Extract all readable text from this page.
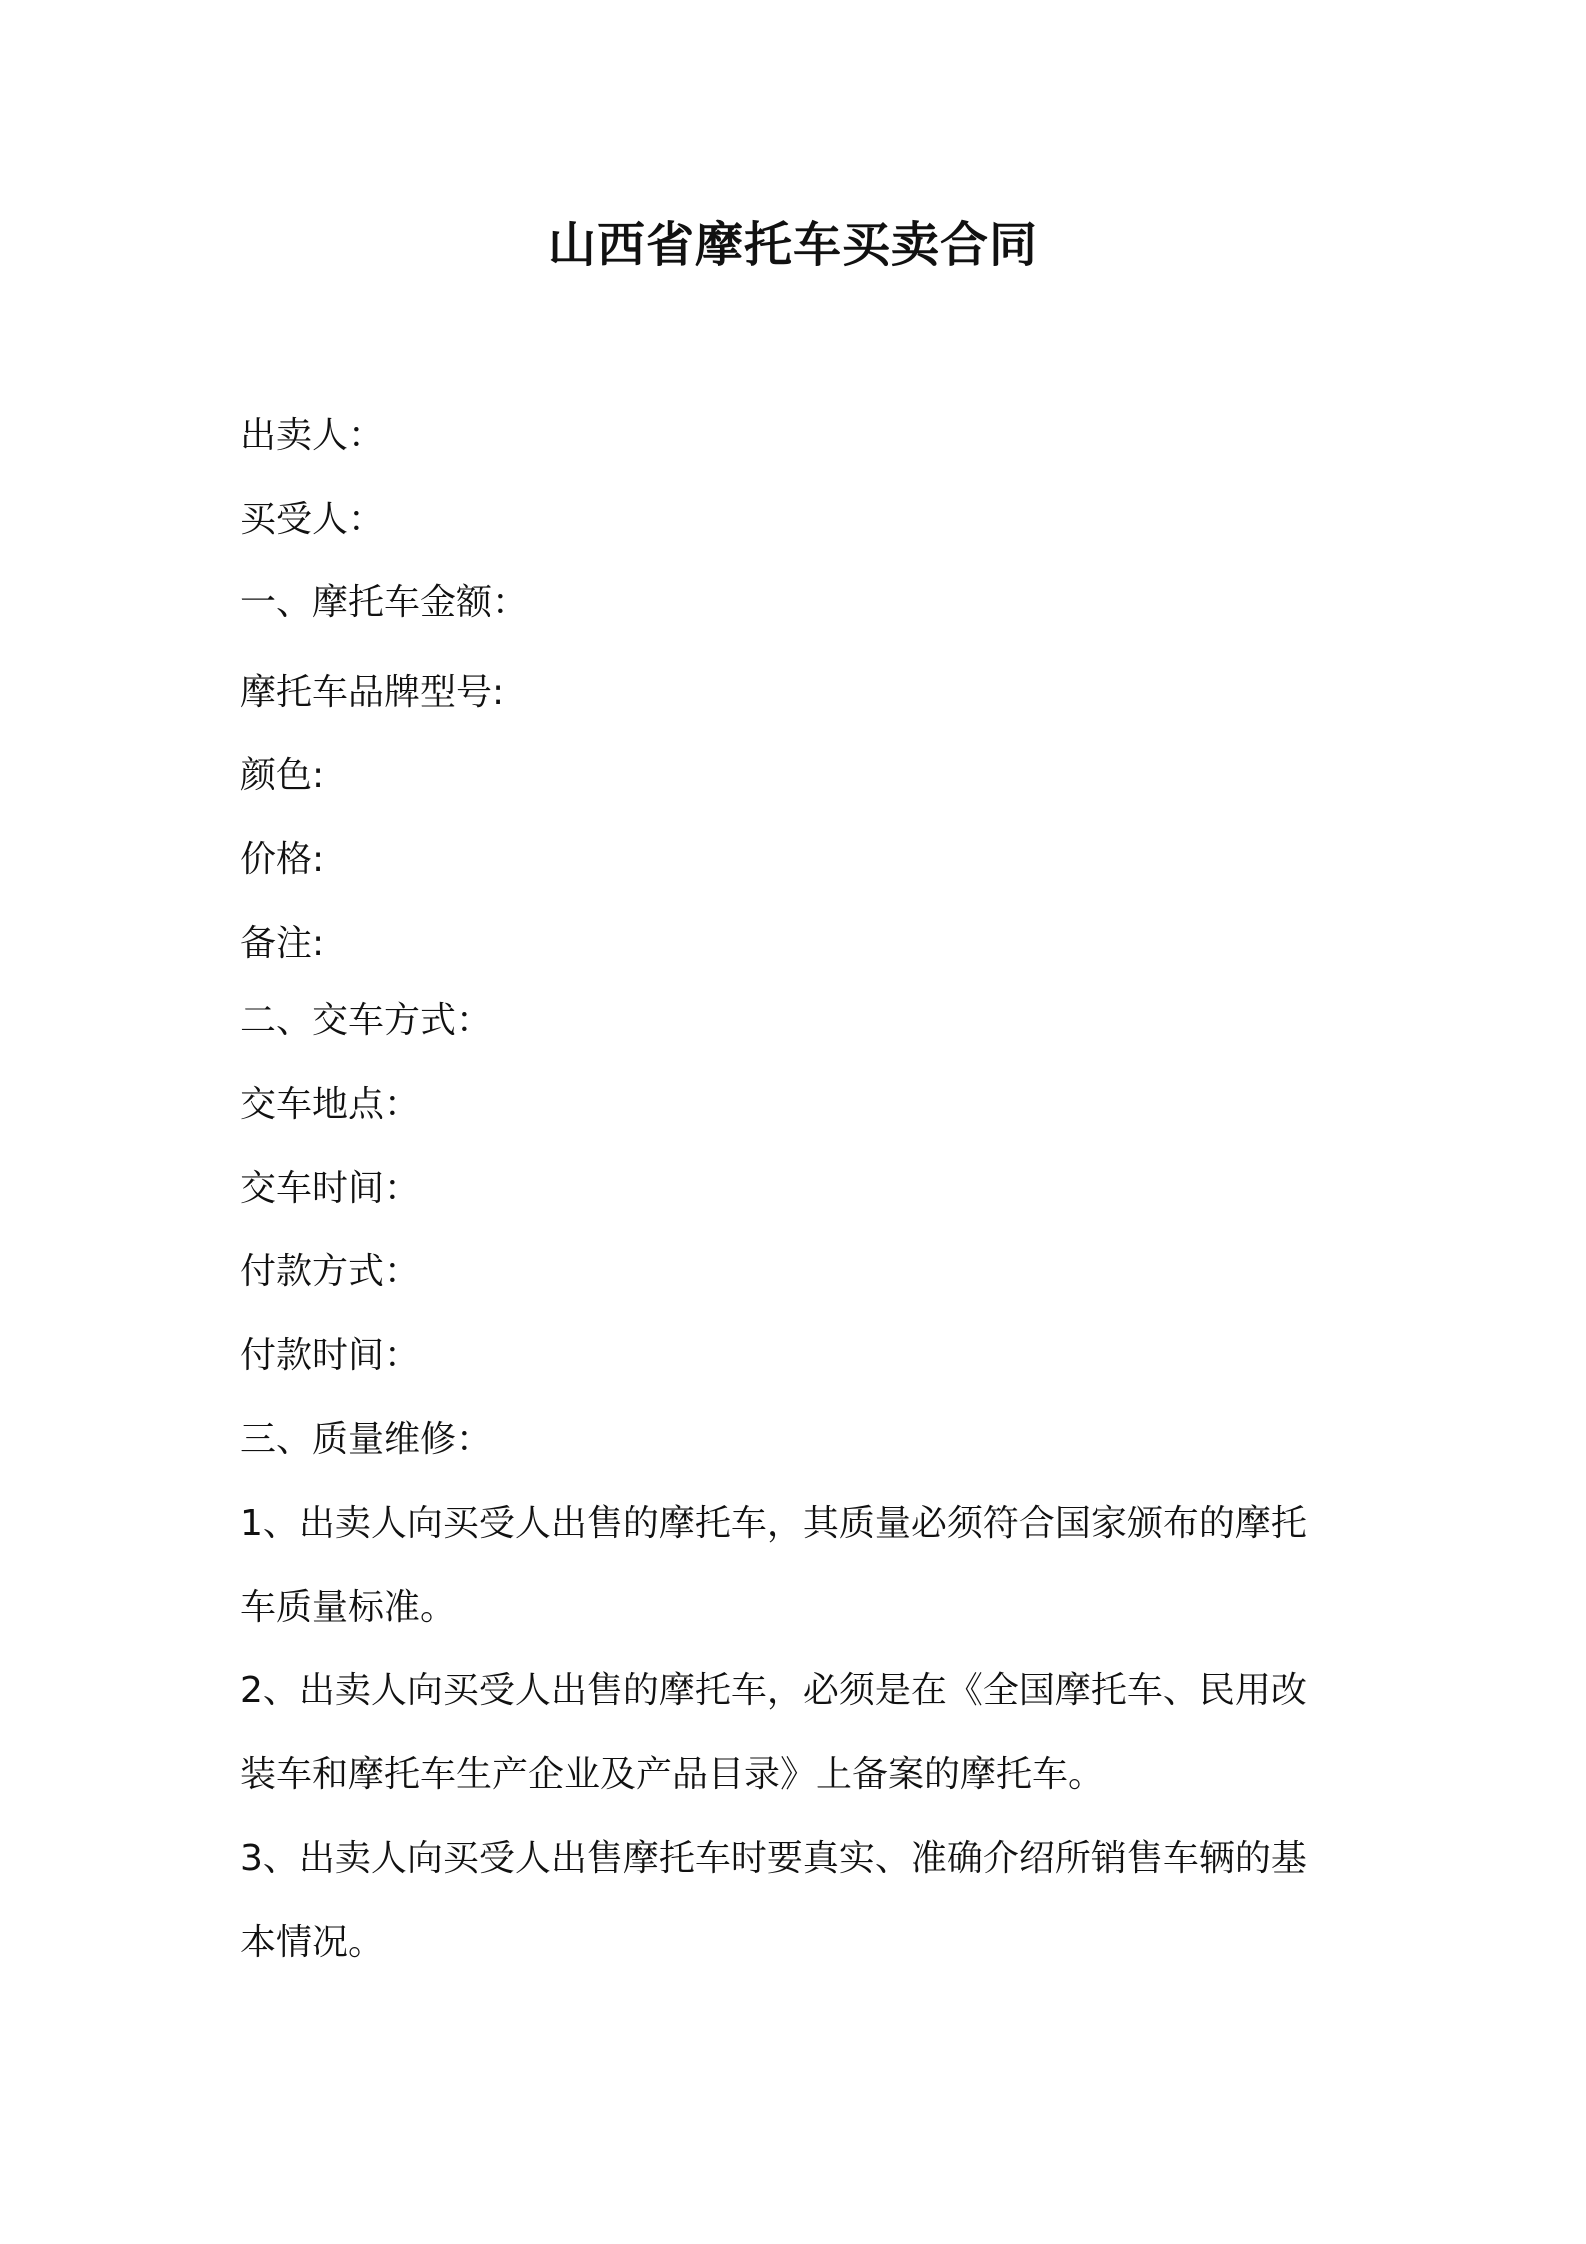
山西省摩托车买卖合同
出卖人：
买受人：
一、摩托车金额：
摩托车品牌型号:
颜色:
价格:
备注:
二、交车方式：
交车地点：
交车时间：
付款方式：
付款时间：
三、质量维修：
1、出卖人向买受人出售的摩托车，其质量必须符合国家颁布的摩托
车质量标准。
2、出卖人向买受人出售的摩托车，必须是在《全国摩托车、民用改
装车和摩托车生产企业及产品目录》上备案的摩托车。
3、出卖人向买受人出售摩托车时要真实、准确介绍所销售车辆的基
本情况。
